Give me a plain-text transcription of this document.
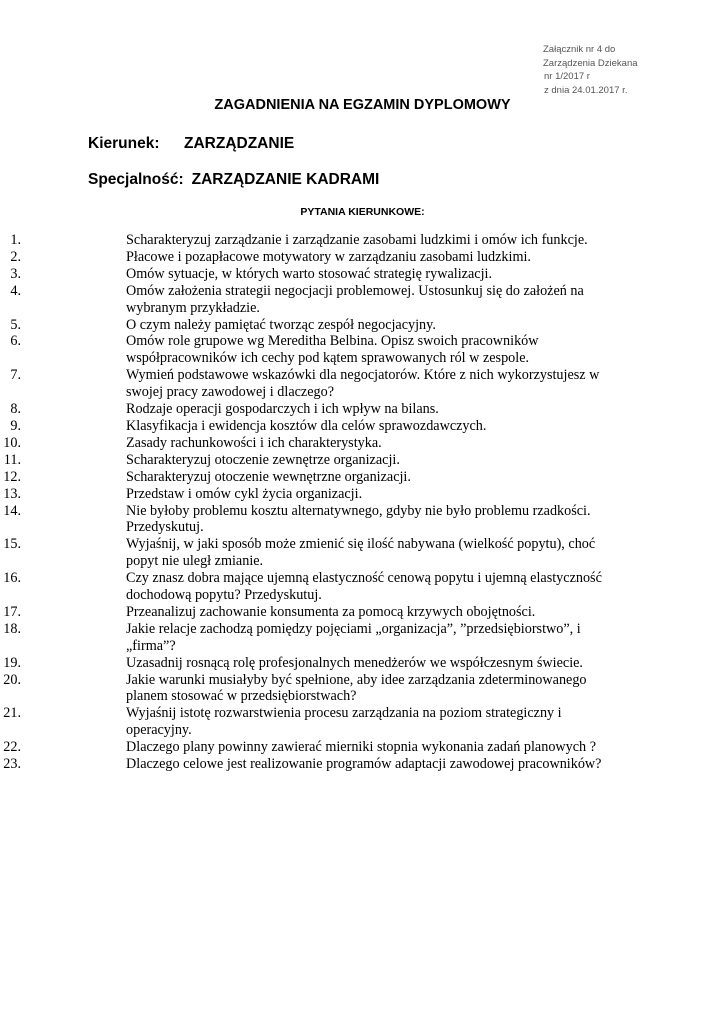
Załącznik nr 4 do
Zarządzenia Dziekana
nr 1/2017 r
z dnia 24.01.2017 r.
ZAGADNIENIA NA EGZAMIN DYPLOMOWY
Kierunek: ZARZĄDZANIE
Specjalność: ZARZĄDZANIE KADRAMI
PYTANIA KIERUNKOWE:
1.	Scharakteryzuj zarządzanie i zarządzanie zasobami ludzkimi i omów ich funkcje.
2.	Płacowe i pozapłacowe motywatory w zarządzaniu zasobami ludzkimi.
3.	Omów sytuacje, w których warto stosować strategię rywalizacji.
4.	Omów założenia strategii negocjacji problemowej. Ustosunkuj się do założeń na wybranym przykładzie.
5.	O czym należy pamiętać tworząc zespół negocjacyjny.
6.	Omów role grupowe wg Mereditha Belbina. Opisz swoich pracowników współpracowników ich cechy pod kątem sprawowanych ról w zespole.
7.	Wymień podstawowe wskazówki dla negocjatorów. Które z nich wykorzystujesz w swojej pracy zawodowej i dlaczego?
8.	Rodzaje operacji gospodarczych i ich wpływ na bilans.
9.	Klasyfikacja i ewidencja kosztów dla celów sprawozdawczych.
10.	Zasady rachunkowości i ich charakterystyka.
11.	Scharakteryzuj otoczenie zewnętrze organizacji.
12.	Scharakteryzuj otoczenie wewnętrzne organizacji.
13.	Przedstaw i omów cykl życia organizacji.
14.	Nie byłoby problemu kosztu alternatywnego, gdyby nie było problemu rzadkości. Przedyskutuj.
15.	Wyjaśnij, w jaki sposób może zmienić się ilość nabywana (wielkość popytu), choć popyt nie uległ zmianie.
16.	Czy znasz dobra mające ujemną elastyczność cenową popytu i ujemną elastyczność dochodową popytu? Przedyskutuj.
17.	Przeanalizuj zachowanie konsumenta za pomocą krzywych obojętności.
18.	Jakie relacje zachodzą pomiędzy pojęciami „organizacja”, ”przedsiębiorstwo”, i „firma”?
19.	Uzasadnij rosnącą rolę profesjonalnych menedżerów we współczesnym świecie.
20.	Jakie warunki musiałyby być spełnione, aby idee zarządzania zdeterminowanego planem stosować w przedsiębiorstwach?
21.	Wyjaśnij istotę rozwarstwienia procesu zarządzania na poziom strategiczny i operacyjny.
22.	Dlaczego plany powinny zawierać mierniki stopnia wykonania zadań planowych ?
23.	Dlaczego celowe jest realizowanie programów adaptacji zawodowej pracowników?
